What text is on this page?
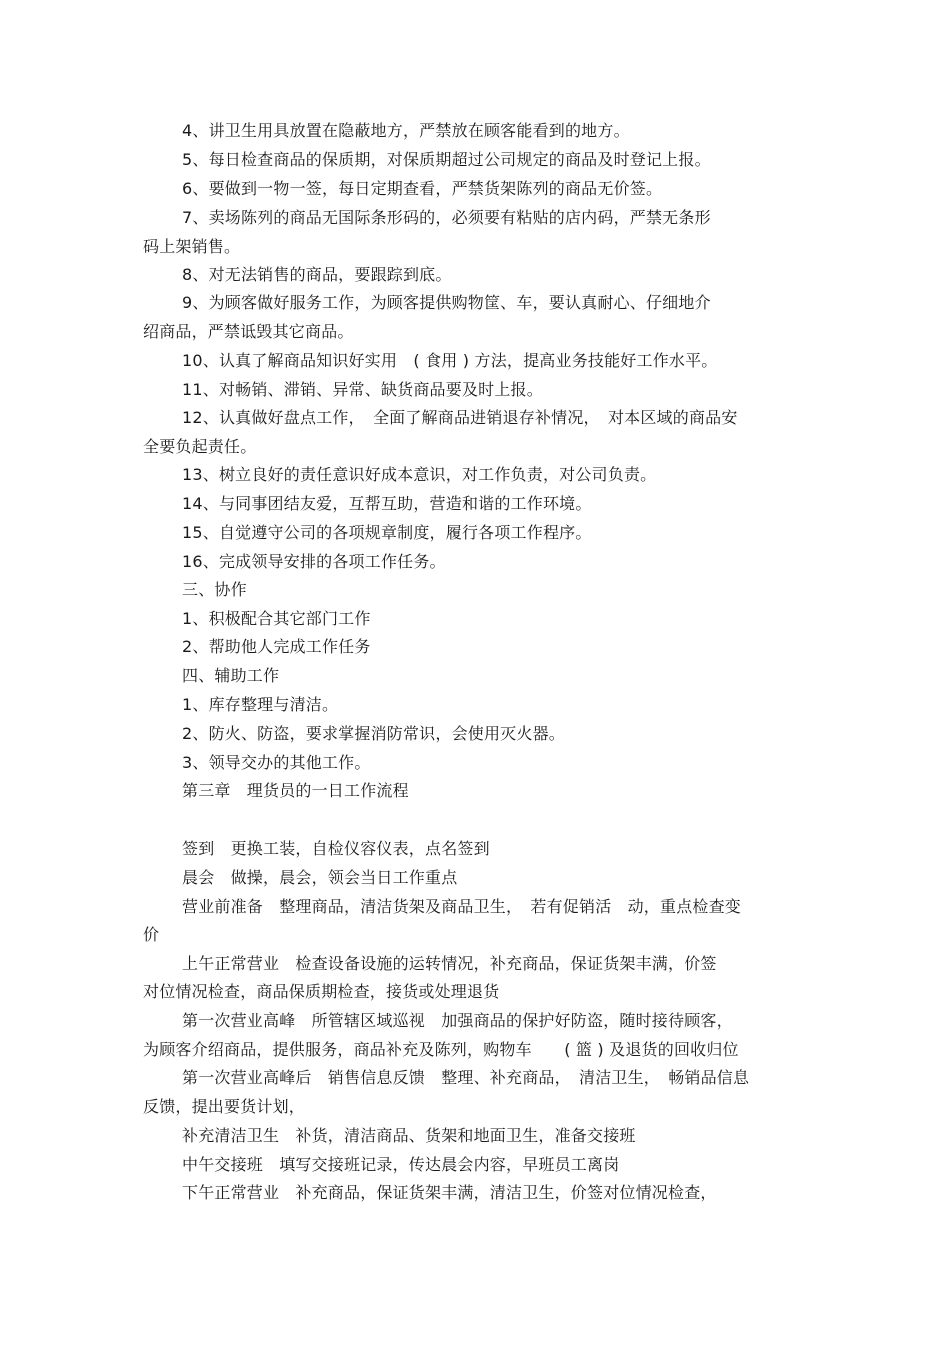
4、讲卫生用具放置在隐蔽地方，严禁放在顾客能看到的地方。
5、每日检查商品的保质期，对保质期超过公司规定的商品及时登记上报。
6、要做到一物一签，每日定期查看，严禁货架陈列的商品无价签。
7、卖场陈列的商品无国际条形码的，必须要有粘贴的店内码，严禁无条形
码上架销售。
8、对无法销售的商品，要跟踪到底。
9、为顾客做好服务工作，为顾客提供购物筐、车，要认真耐心、仔细地介
绍商品，严禁诋毁其它商品。
10、认真了解商品知识好实用　( 食用 ) 方法，提高业务技能好工作水平。
11、对畅销、滞销、异常、缺货商品要及时上报。
12、认真做好盘点工作，　全面了解商品进销退存补情况，　对本区域的商品安
全要负起责任。
13、树立良好的责任意识好成本意识，对工作负责，对公司负责。
14、与同事团结友爱，互帮互助，营造和谐的工作环境。
15、自觉遵守公司的各项规章制度，履行各项工作程序。
16、完成领导安排的各项工作任务。
三、协作
1、积极配合其它部门工作
2、帮助他人完成工作任务
四、辅助工作
1、库存整理与清洁。
2、防火、防盗，要求掌握消防常识，会使用灭火器。
3、领导交办的其他工作。
第三章　理货员的一日工作流程
签到　更换工装，自检仪容仪表，点名签到
晨会　做操，晨会，领会当日工作重点
营业前准备　整理商品，清洁货架及商品卫生，　若有促销活　动，重点检查变
价
上午正常营业　检查设备设施的运转情况，补充商品，保证货架丰满，价签
对位情况检查，商品保质期检查，接货或处理退货
第一次营业高峰　所管辖区域巡视　加强商品的保护好防盗，随时接待顾客，
为顾客介绍商品，提供服务，商品补充及陈列，购物车　　( 篮 ) 及退货的回收归位
第一次营业高峰后　销售信息反馈　整理、补充商品，　清洁卫生，　畅销品信息
反馈，提出要货计划，
补充清洁卫生　补货，清洁商品、货架和地面卫生，准备交接班
中午交接班　填写交接班记录，传达晨会内容，早班员工离岗
下午正常营业　补充商品，保证货架丰满，清洁卫生，价签对位情况检查，
